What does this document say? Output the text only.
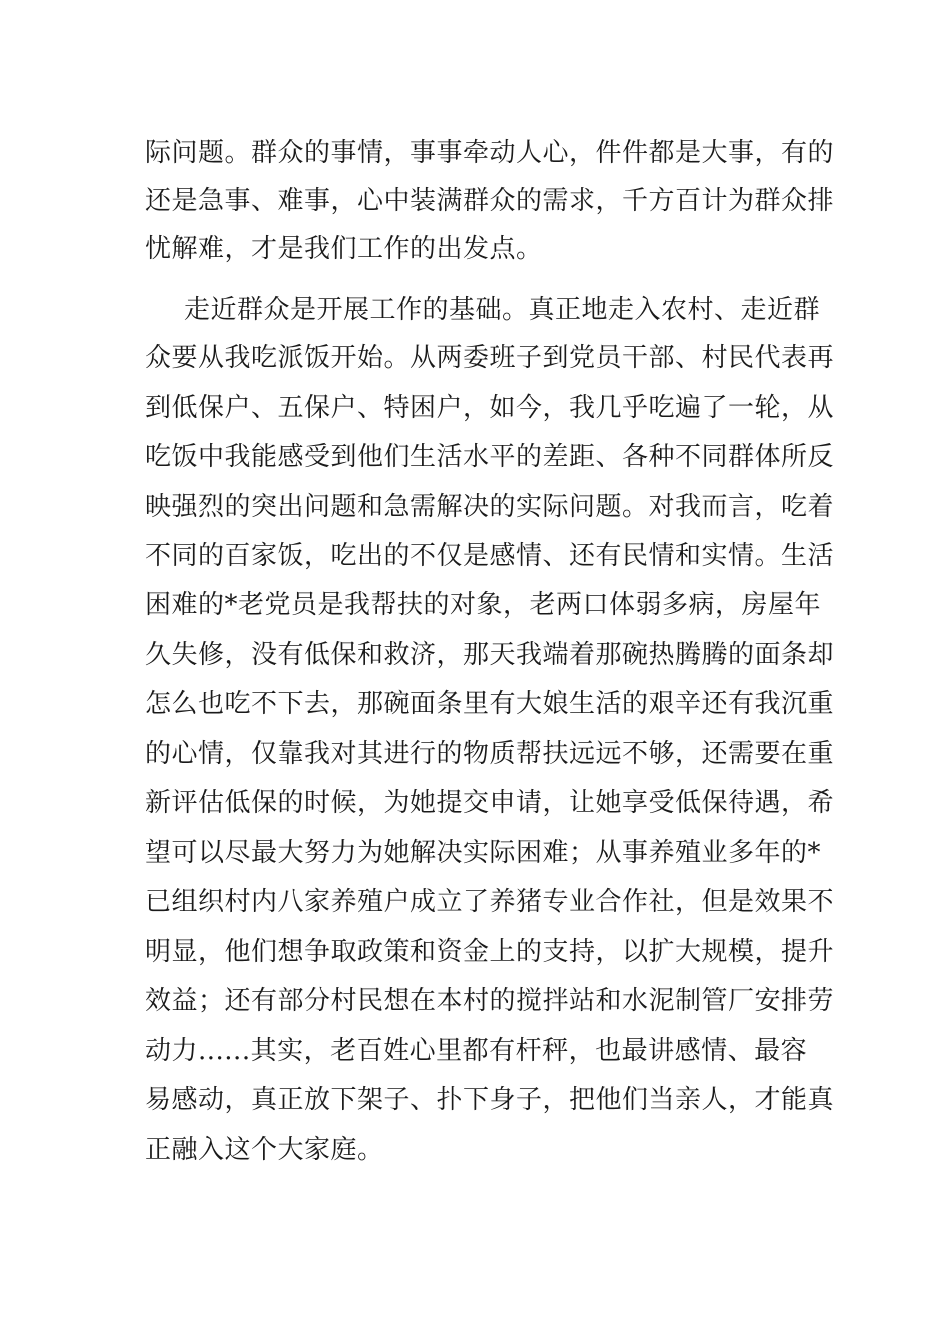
际问题。群众的事情，事事牵动人心，件件都是大事，有的
还是急事、难事，心中装满群众的需求，千方百计为群众排
忧解难，才是我们工作的出发点。
走近群众是开展工作的基础。真正地走入农村、走近群
众要从我吃派饭开始。从两委班子到党员干部、村民代表再
到低保户、五保户、特困户，如今，我几乎吃遍了一轮，从
吃饭中我能感受到他们生活水平的差距、各种不同群体所反
映强烈的突出问题和急需解决的实际问题。对我而言，吃着
不同的百家饭，吃出的不仅是感情、还有民情和实情。生活
困难的*老党员是我帮扶的对象，老两口体弱多病，房屋年
久失修，没有低保和救济，那天我端着那碗热腾腾的面条却
怎么也吃不下去，那碗面条里有大娘生活的艰辛还有我沉重
的心情，仅靠我对其进行的物质帮扶远远不够，还需要在重
新评估低保的时候，为她提交申请，让她享受低保待遇，希
望可以尽最大努力为她解决实际困难；从事养殖业多年的*
已组织村内八家养殖户成立了养猪专业合作社，但是效果不
明显，他们想争取政策和资金上的支持，以扩大规模，提升
效益；还有部分村民想在本村的搅拌站和水泥制管厂安排劳
动力......其实，老百姓心里都有杆秤，也最讲感情、最容
易感动，真正放下架子、扑下身子，把他们当亲人，才能真
正融入这个大家庭。
